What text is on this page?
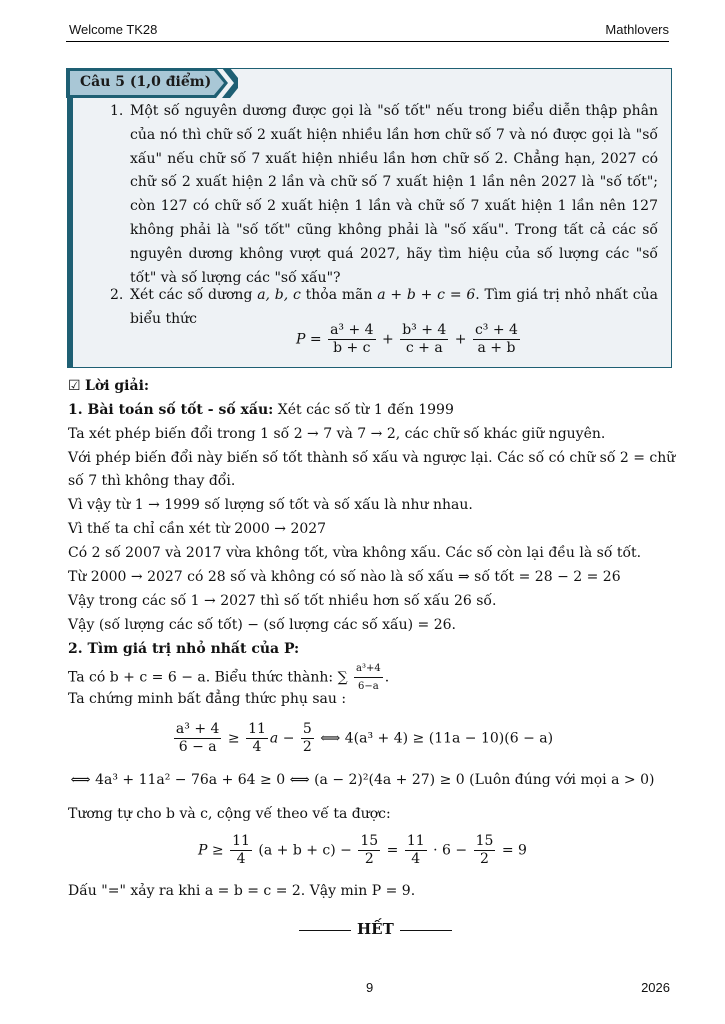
Welcome TK28	Mathlovers
Câu 5 (1,0 điểm)
1. Một số nguyên dương được gọi là "số tốt" nếu trong biểu diễn thập phân của nó thì chữ số 2 xuất hiện nhiều lần hơn chữ số 7 và nó được gọi là "số xấu" nếu chữ số 7 xuất hiện nhiều lần hơn chữ số 2. Chẳng hạn, 2027 có chữ số 2 xuất hiện 2 lần và chữ số 7 xuất hiện 1 lần nên 2027 là "số tốt"; còn 127 có chữ số 2 xuất hiện 1 lần và chữ số 7 xuất hiện 1 lần nên 127 không phải là "số tốt" cũng không phải là "số xấu". Trong tất cả các số nguyên dương không vượt quá 2027, hãy tìm hiệu của số lượng các "số tốt" và số lượng các "số xấu"?
2. Xét các số dương a, b, c thỏa mãn a + b + c = 6. Tìm giá trị nhỏ nhất của biểu thức
$P = \frac{\text{a³ + 4}}{b + c} + \frac{\text{b³ + 4}}{c + a} + \frac{\text{c³ + 4}}{a + b}$
☑ Lời giải:
1. Bài toán số tốt - số xấu: Xét các số từ 1 đến 1999
Ta xét phép biến đổi trong 1 số 2 → 7 và 7 → 2, các chữ số khác giữ nguyên.
Với phép biến đổi này biến số tốt thành số xấu và ngược lại. Các số có chữ số 2 = chữ số 7 thì không thay đổi.
Vì vậy từ 1 → 1999 số lượng số tốt và số xấu là như nhau.
Vì thế ta chỉ cần xét từ 2000 → 2027
Có 2 số 2007 và 2017 vừa không tốt, vừa không xấu. Các số còn lại đều là số tốt.
Từ 2000 → 2027 có 28 số và không có số nào là số xấu ⇒ số tốt = 28 − 2 = 26
Vậy trong các số 1 → 2027 thì số tốt nhiều hơn số xấu 26 số.
Vậy (số lượng các số tốt) − (số lượng các số xấu) = 26.
2. Tìm giá trị nhỏ nhất của P:
Ta có b + c = 6 − a. Biểu thức thành: ∑ $\frac{\text{a³+4}}{6-a}$ .
Ta chứng minh bất đẳng thức phụ sau :
$\frac{\text{a³ + 4}}{6 - a} \ge \frac{11}{4}$ $a - \frac{5}{2}$ ⟺ 4(a³ + 4) ≥ (11a − 10)(6 − a)
⟺ 4a³ + 11a² − 76a + 64 ≥ 0 ⟺ (a − 2)²(4a + 27) ≥ 0 (Luôn đúng với mọi a > 0)
Tương tự cho b và c, cộng vế theo vế ta được:
$P \ge \frac{11}{4} (a + b + c) - \frac{15}{2} = \frac{11}{4} \cdot 6 - \frac{15}{2} = 9$
Dấu "=" xảy ra khi a = b = c = 2. Vậy min P = 9.
HẾT
9	2026
